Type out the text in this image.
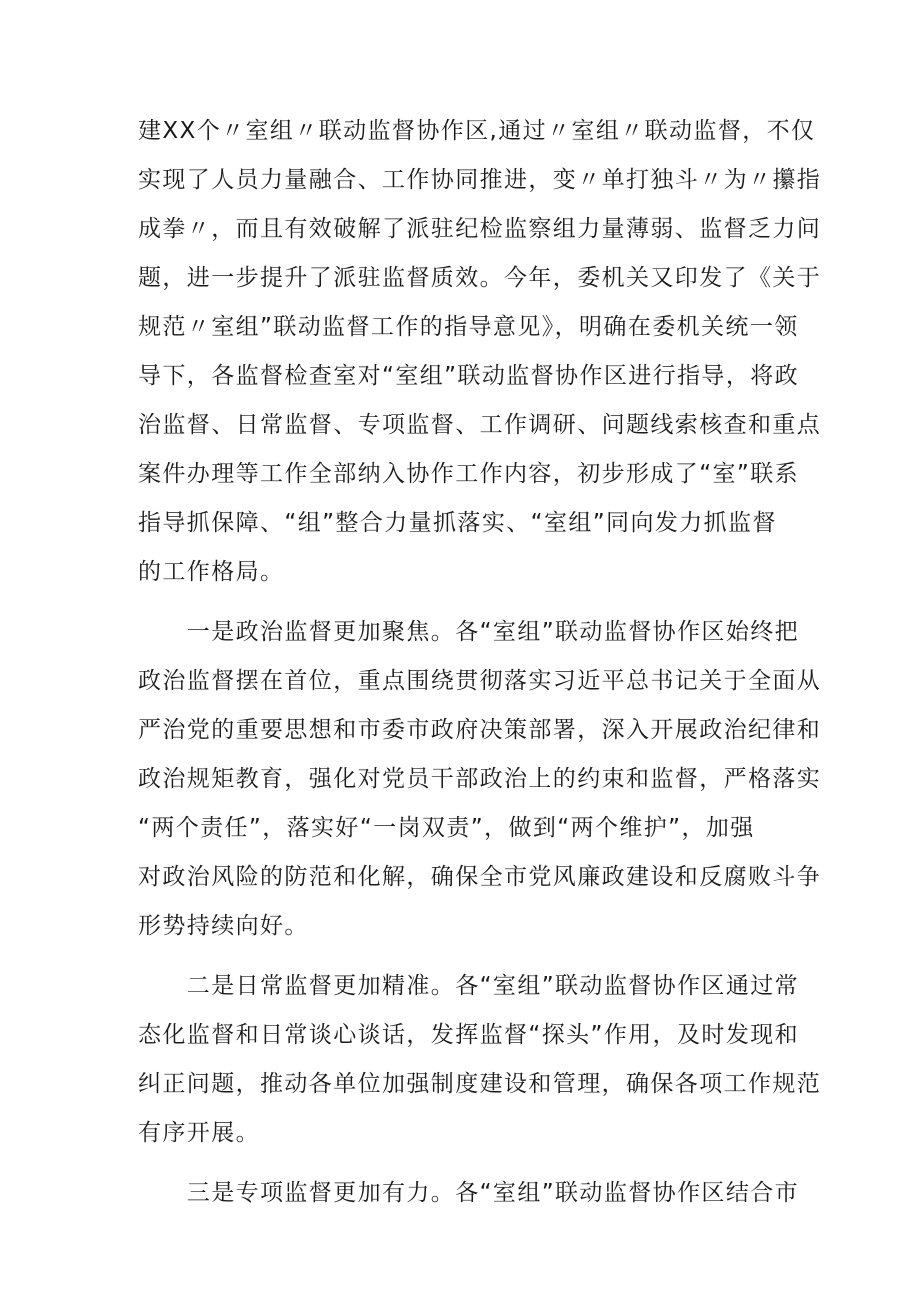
建XX个〃室组〃联动监督协作区,通过〃室组〃联动监督，不仅
实现了人员力量融合、工作协同推进，变〃单打独斗〃为〃攥指
成拳〃，而且有效破解了派驻纪检监察组力量薄弱、监督乏力问
题，进一步提升了派驻监督质效。今年，委机关又印发了《关于
规范〃室组”联动监督工作的指导意见》，明确在委机关统一领
导下，各监督检查室对“室组”联动监督协作区进行指导，将政
治监督、日常监督、专项监督、工作调研、问题线索核查和重点
案件办理等工作全部纳入协作工作内容，初步形成了“室”联系
指导抓保障、“组”整合力量抓落实、“室组”同向发力抓监督
的工作格局。
　　一是政治监督更加聚焦。各“室组”联动监督协作区始终把
政治监督摆在首位，重点围绕贯彻落实习近平总书记关于全面从
严治党的重要思想和市委市政府决策部署，深入开展政治纪律和
政治规矩教育，强化对党员干部政治上的约束和监督，严格落实
“两个责任”，落实好“一岗双责”，做到“两个维护”，加强
对政治风险的防范和化解，确保全市党风廉政建设和反腐败斗争
形势持续向好。
　　二是日常监督更加精准。各“室组”联动监督协作区通过常
态化监督和日常谈心谈话，发挥监督“探头”作用，及时发现和
纠正问题，推动各单位加强制度建设和管理，确保各项工作规范
有序开展。
　　三是专项监督更加有力。各“室组”联动监督协作区结合市
